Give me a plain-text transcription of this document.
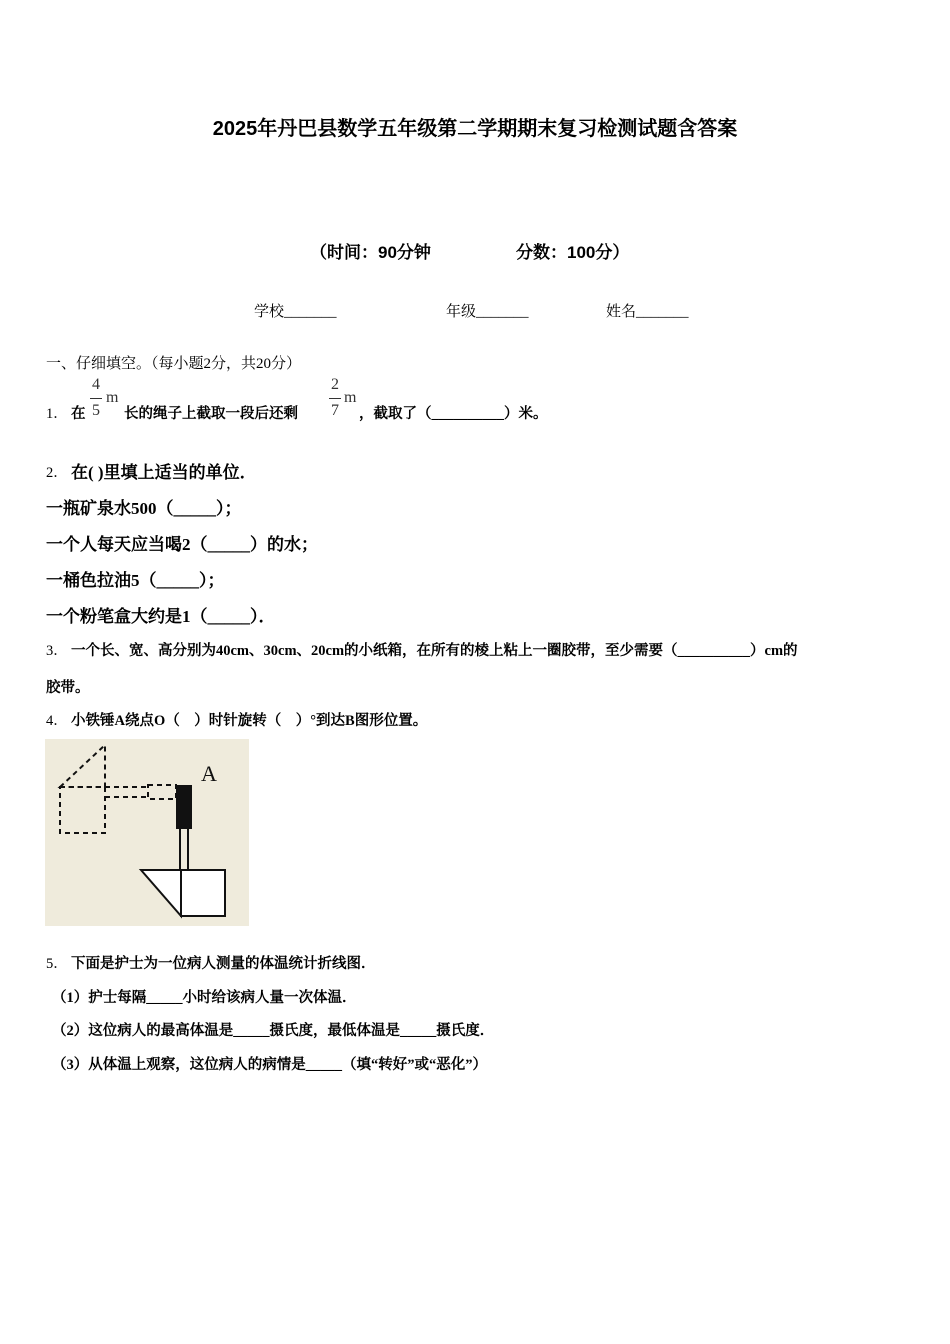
2025年丹巴县数学五年级第二学期期末复习检测试题含答案
（时间：90分钟	分数：100分）
学校_______	年级_______	姓名_______
一、仔细填空。（每小题2分，共20分）
1． 在
4
5
m
长的绳子上截取一段后还剩
2
7
m
，截取了（__________）米。
2． 在( )里填上适当的单位．
一瓶矿泉水500（_____）；
一个人每天应当喝2（_____）的水；
一桶色拉油5（_____）；
一个粉笔盒大约是1（_____）．
3． 一个长、宽、高分别为40cm、30cm、20cm的小纸箱，在所有的棱上粘上一圈胶带，至少需要（__________）cm的
胶带。
4． 小铁锤A绕点O（　）时针旋转（　）°到达B图形位置。
A
5． 下面是护士为一位病人测量的体温统计折线图．
（1）护士每隔_____小时给该病人量一次体温．
（2）这位病人的最高体温是_____摄氏度，最低体温是_____摄氏度．
（3）从体温上观察，这位病人的病情是_____（填“转好”或“恶化”）
